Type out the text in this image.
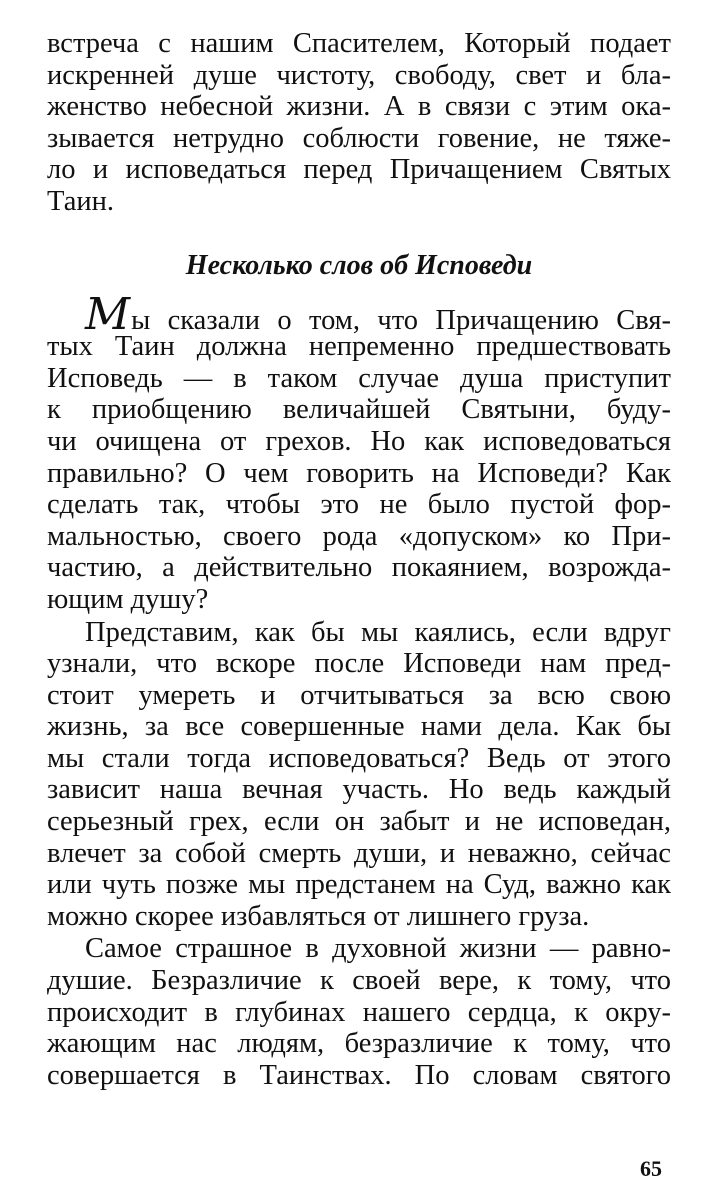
встреча с нашим Спасителем, Который подает
искренней душе чистоту, свободу, свет и бла-
женство небесной жизни. А в связи с этим ока-
зывается нетрудно соблюсти говение, не тяже-
ло и исповедаться перед Причащением Святых
Таин.
Несколько слов об Исповеди
Мы сказали о том, что Причащению Свя-
тых Таин должна непременно предшествовать
Исповедь — в таком случае душа приступит
к приобщению величайшей Святыни, буду-
чи очищена от грехов. Но как исповедоваться
правильно? О чем говорить на Исповеди? Как
сделать так, чтобы это не было пустой фор-
мальностью, своего рода «допуском» ко При-
частию, а действительно покаянием, возрожда-
ющим душу?
Представим, как бы мы каялись, если вдруг
узнали, что вскоре после Исповеди нам пред-
стоит умереть и отчитываться за всю свою
жизнь, за все совершенные нами дела. Как бы
мы стали тогда исповедоваться? Ведь от этого
зависит наша вечная участь. Но ведь каждый
серьезный грех, если он забыт и не исповедан,
влечет за собой смерть души, и неважно, сейчас
или чуть позже мы предстанем на Суд, важно как
можно скорее избавляться от лишнего груза.
Самое страшное в духовной жизни — равно-
душие. Безразличие к своей вере, к тому, что
происходит в глубинах нашего сердца, к окру-
жающим нас людям, безразличие к тому, что
совершается в Таинствах. По словам святого
65
